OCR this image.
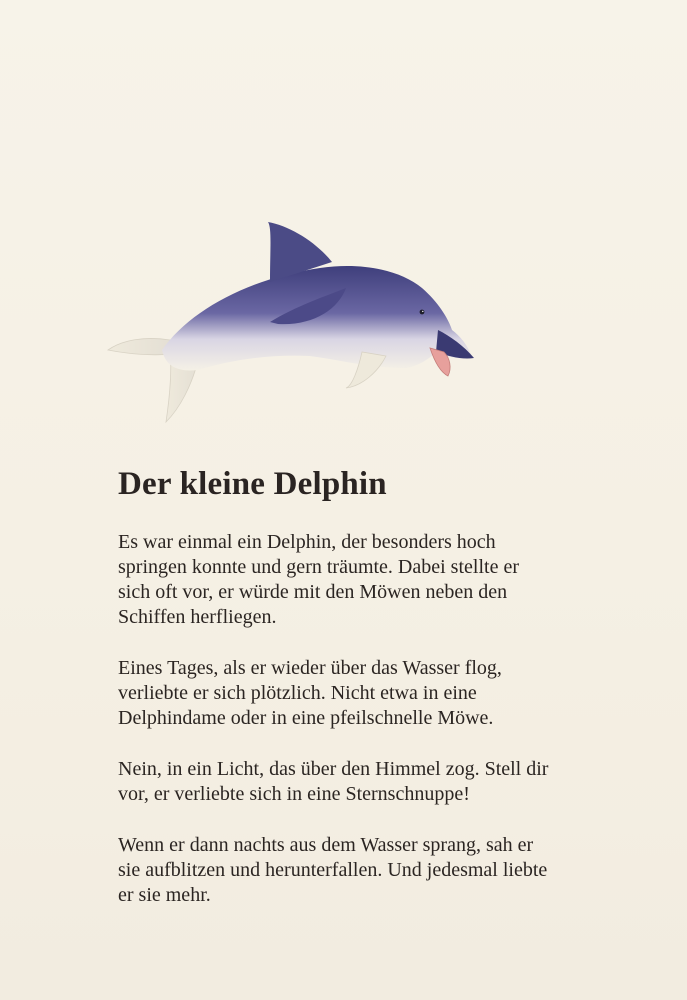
Der kleine Delphin

Es war einmal ein Delphin, der besonders hoch
springen konnte und gern träumte. Dabei stellte er
sich oft vor, er würde mit den Möwen neben den
Schiffen herfliegen.

Eines Tages, als er wieder über das Wasser flog,
verliebte er sich plötzlich. Nicht etwa in eine
Delphindame oder in eine pfeilschnelle Möwe.

Nein, in ein Licht, das über den Himmel zog. Stell dir
vor, er verliebte sich in eine Sternschnuppe!

Wenn er dann nachts aus dem Wasser sprang, sah er
sie aufblitzen und herunterfallen. Und jedesmal liebte
er sie mehr.
